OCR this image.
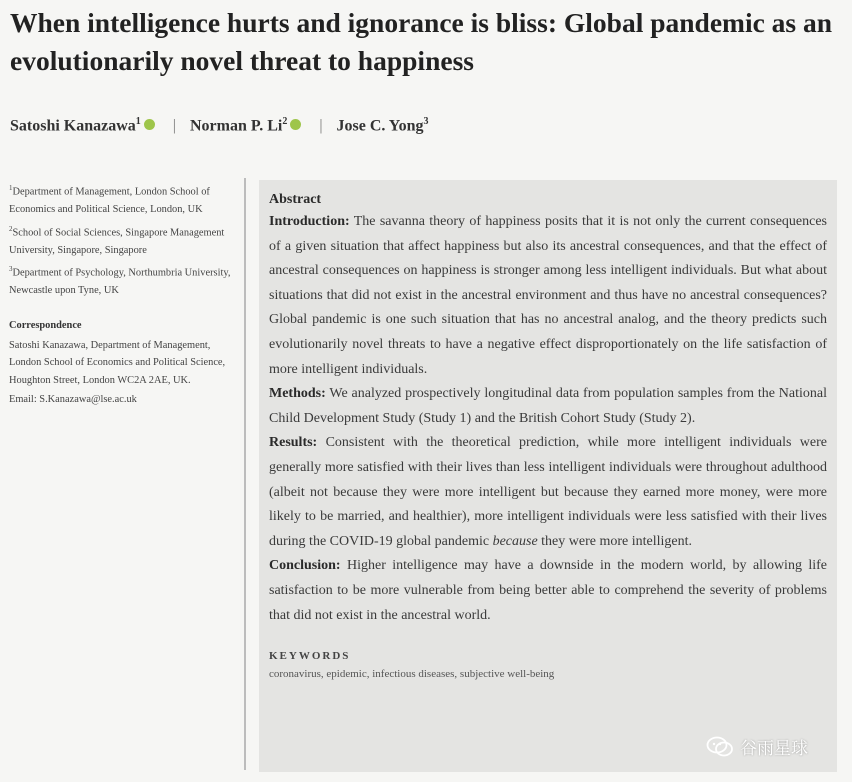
When intelligence hurts and ignorance is bliss: Global pandemic as an evolutionarily novel threat to happiness
Satoshi Kanazawa$^1$ | Norman P. Li$^2$ | Jose C. Yong$^3$

$^1$Department of Management, London School of Economics and Political Science, London, UK

$^2$School of Social Sciences, Singapore Management University, Singapore, Singapore

$^3$Department of Psychology, Northumbria University, Newcastle upon Tyne, UK

Correspondence

Satoshi Kanazawa, Department of Management, London School of Economics and Political Science, Houghton Street, London WC2A 2AE, UK.

Email: S.Kanazawa@lse.ac.uk

Abstract

Introduction: The savanna theory of happiness posits that it is not only the current consequences of a given situation that affect happiness but also its ancestral consequences, and that the effect of ancestral consequences on happiness is stronger among less intelligent individuals. But what about situations that did not exist in the ancestral environment and thus have no ancestral consequences? Global pandemic is one such situation that has no ancestral analog, and the theory predicts such evolutionarily novel threats to have a negative effect disproportionately on the life satisfaction of more intelligent individuals.

Methods: We analyzed prospectively longitudinal data from population samples from the National Child Development Study (Study 1) and the British Cohort Study (Study 2).

Results: Consistent with the theoretical prediction, while more intelligent individuals were generally more satisfied with their lives than less intelligent individuals were throughout adulthood (albeit not because they were more intelligent but because they earned more money, were more likely to be married, and healthier), more intelligent individuals were less satisfied with their lives during the COVID-19 global pandemic because they were more intelligent.

Conclusion: Higher intelligence may have a downside in the modern world, by allowing life satisfaction to be more vulnerable from being better able to comprehend the severity of problems that did not exist in the ancestral world.

KEYWORDS

coronavirus, epidemic, infectious diseases, subjective well-being

谷雨星球
